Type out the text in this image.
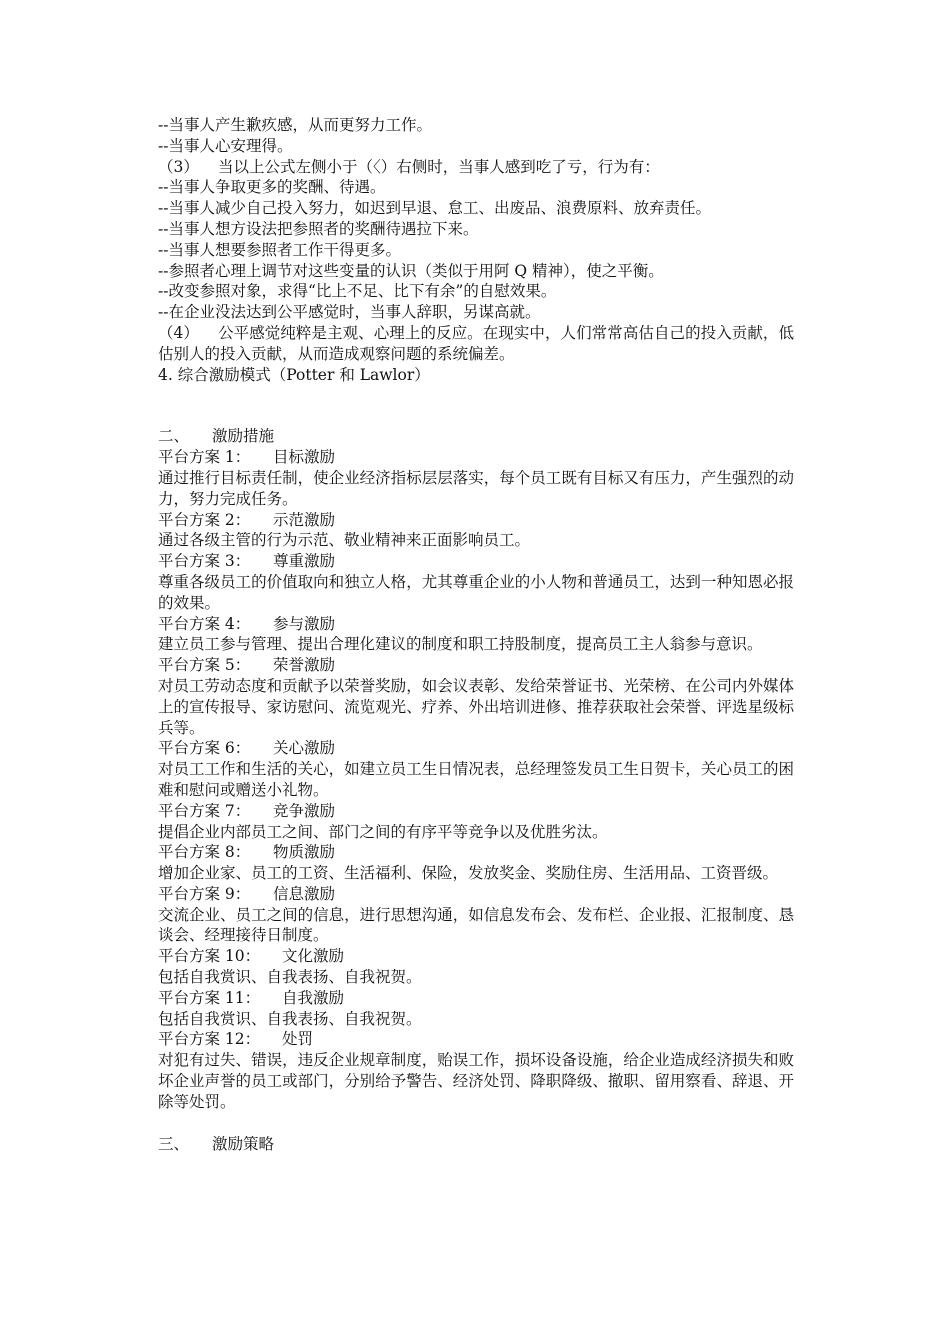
--当事人产生歉疚感，从而更努力工作。
--当事人心安理得。
（3） 当以上公式左侧小于（〈）右侧时，当事人感到吃了亏，行为有：
--当事人争取更多的奖酬、待遇。
--当事人减少自己投入努力，如迟到早退、怠工、出废品、浪费原料、放弃责任。
--当事人想方设法把参照者的奖酬待遇拉下来。
--当事人想要参照者工作干得更多。
--参照者心理上调节对这些变量的认识（类似于用阿 Q 精神），使之平衡。
--改变参照对象，求得“比上不足、比下有余”的自慰效果。
--在企业没法达到公平感觉时，当事人辞职，另谋高就。
（4） 公平感觉纯粹是主观、心理上的反应。在现实中，人们常常高估自己的投入贡献，低估别人的投入贡献，从而造成观察问题的系统偏差。
4. 综合激励模式（Potter 和 Lawlor）
二、 激励措施
平台方案 1： 目标激励
通过推行目标责任制，使企业经济指标层层落实，每个员工既有目标又有压力，产生强烈的动力，努力完成任务。
平台方案 2： 示范激励
通过各级主管的行为示范、敬业精神来正面影响员工。
平台方案 3： 尊重激励
尊重各级员工的价值取向和独立人格，尤其尊重企业的小人物和普通员工，达到一种知恩必报的效果。
平台方案 4： 参与激励
建立员工参与管理、提出合理化建议的制度和职工持股制度，提高员工主人翁参与意识。
平台方案 5： 荣誉激励
对员工劳动态度和贡献予以荣誉奖励，如会议表彰、发给荣誉证书、光荣榜、在公司内外媒体上的宣传报导、家访慰问、流览观光、疗养、外出培训进修、推荐获取社会荣誉、评选星级标兵等。
平台方案 6： 关心激励
对员工工作和生活的关心，如建立员工生日情况表，总经理签发员工生日贺卡，关心员工的困难和慰问或赠送小礼物。
平台方案 7： 竞争激励
提倡企业内部员工之间、部门之间的有序平等竞争以及优胜劣汰。
平台方案 8： 物质激励
增加企业家、员工的工资、生活福利、保险，发放奖金、奖励住房、生活用品、工资晋级。
平台方案 9： 信息激励
交流企业、员工之间的信息，进行思想沟通，如信息发布会、发布栏、企业报、汇报制度、恳谈会、经理接待日制度。
平台方案 10： 文化激励
包括自我赏识、自我表扬、自我祝贺。
平台方案 11： 自我激励
包括自我赏识、自我表扬、自我祝贺。
平台方案 12： 处罚
对犯有过失、错误，违反企业规章制度，贻误工作，损坏设备设施，给企业造成经济损失和败坏企业声誉的员工或部门，分别给予警告、经济处罚、降职降级、撤职、留用察看、辞退、开除等处罚。
三、 激励策略
